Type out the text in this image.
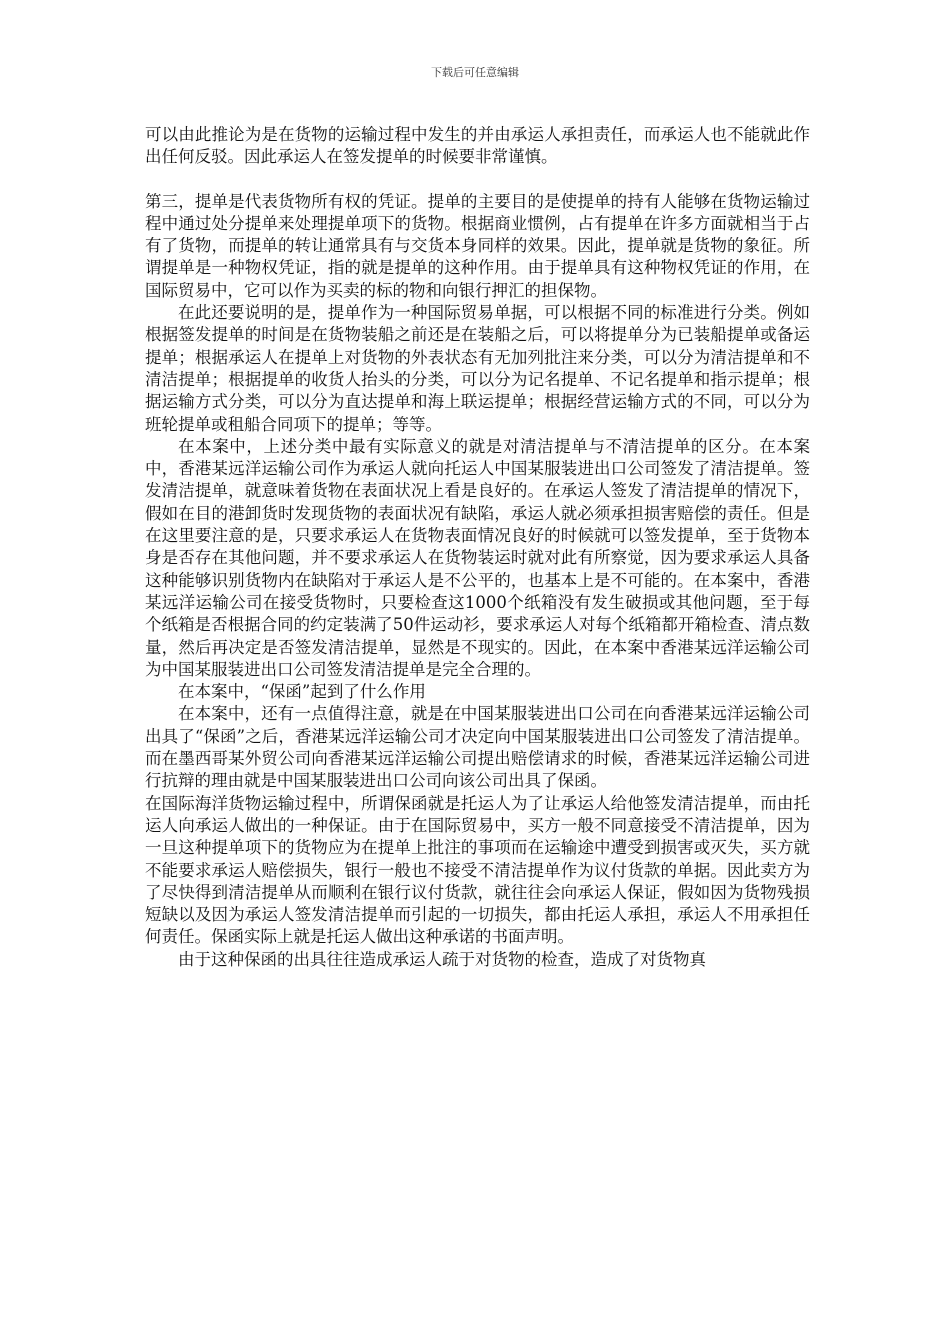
下载后可任意编辑

可以由此推论为是在货物的运输过程中发生的并由承运人承担责任，而承运人也不能就此作出任何反驳。因此承运人在签发提单的时候要非常谨慎。

第三，提单是代表货物所有权的凭证。提单的主要目的是使提单的持有人能够在货物运输过程中通过处分提单来处理提单项下的货物。根据商业惯例，占有提单在许多方面就相当于占有了货物，而提单的转让通常具有与交货本身同样的效果。因此，提单就是货物的象征。所谓提单是一种物权凭证，指的就是提单的这种作用。由于提单具有这种物权凭证的作用，在国际贸易中，它可以作为买卖的标的物和向银行押汇的担保物。

在此还要说明的是，提单作为一种国际贸易单据，可以根据不同的标准进行分类。例如根据签发提单的时间是在货物装船之前还是在装船之后，可以将提单分为已装船提单或备运提单；根据承运人在提单上对货物的外表状态有无加列批注来分类，可以分为清洁提单和不清洁提单；根据提单的收货人抬头的分类，可以分为记名提单、不记名提单和指示提单；根据运输方式分类，可以分为直达提单和海上联运提单；根据经营运输方式的不同，可以分为班轮提单或租船合同项下的提单；等等。

在本案中，上述分类中最有实际意义的就是对清洁提单与不清洁提单的区分。在本案中，香港某远洋运输公司作为承运人就向托运人中国某服装进出口公司签发了清洁提单。签发清洁提单，就意味着货物在表面状况上看是良好的。在承运人签发了清洁提单的情况下，假如在目的港卸货时发现货物的表面状况有缺陷，承运人就必须承担损害赔偿的责任。但是在这里要注意的是，只要求承运人在货物表面情况良好的时候就可以签发提单，至于货物本身是否存在其他问题，并不要求承运人在货物装运时就对此有所察觉，因为要求承运人具备这种能够识别货物内在缺陷对于承运人是不公平的，也基本上是不可能的。在本案中，香港某远洋运输公司在接受货物时，只要检查这1000个纸箱没有发生破损或其他问题，至于每个纸箱是否根据合同的约定装满了50件运动衫，要求承运人对每个纸箱都开箱检查、清点数量，然后再决定是否签发清洁提单，显然是不现实的。因此，在本案中香港某远洋运输公司为中国某服装进出口公司签发清洁提单是完全合理的。

在本案中，“保函”起到了什么作用

在本案中，还有一点值得注意，就是在中国某服装进出口公司在向香港某远洋运输公司出具了“保函”之后，香港某远洋运输公司才决定向中国某服装进出口公司签发了清洁提单。而在墨西哥某外贸公司向香港某远洋运输公司提出赔偿请求的时候，香港某远洋运输公司进行抗辩的理由就是中国某服装进出口公司向该公司出具了保函。

在国际海洋货物运输过程中，所谓保函就是托运人为了让承运人给他签发清洁提单，而由托运人向承运人做出的一种保证。由于在国际贸易中，买方一般不同意接受不清洁提单，因为一旦这种提单项下的货物应为在提单上批注的事项而在运输途中遭受到损害或灭失，买方就不能要求承运人赔偿损失，银行一般也不接受不清洁提单作为议付货款的单据。因此卖方为了尽快得到清洁提单从而顺利在银行议付货款，就往往会向承运人保证，假如因为货物残损短缺以及因为承运人签发清洁提单而引起的一切损失，都由托运人承担，承运人不用承担任何责任。保函实际上就是托运人做出这种承诺的书面声明。

由于这种保函的出具往往造成承运人疏于对货物的检查，造成了对货物真
